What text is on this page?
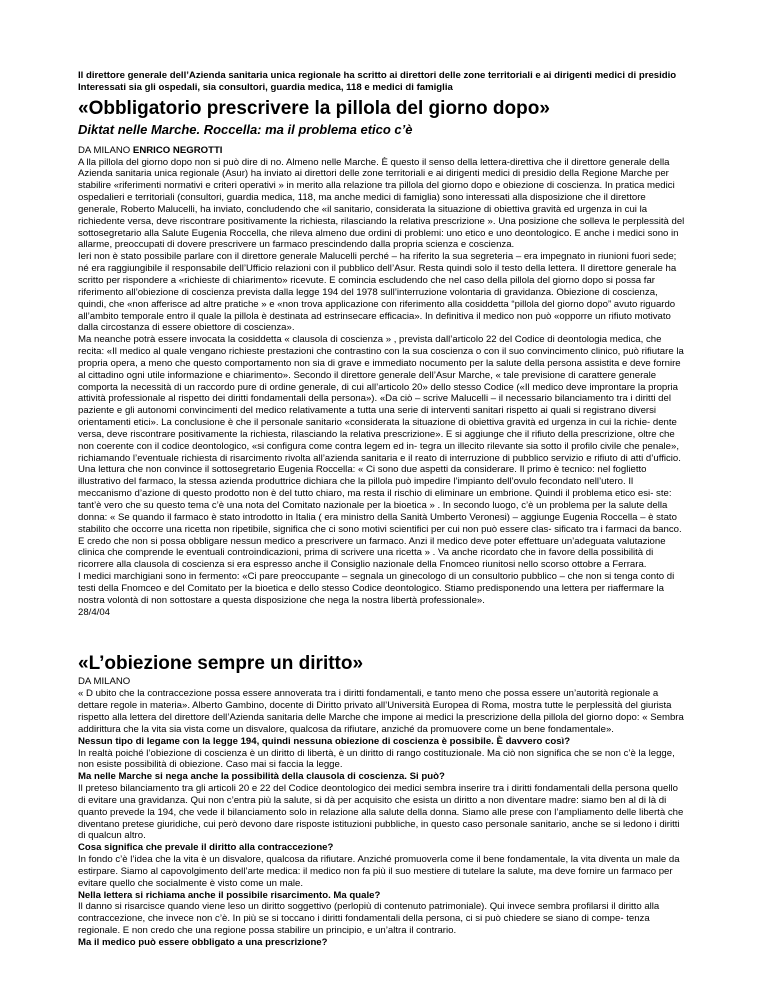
Il direttore generale dell’Azienda sanitaria unica regionale ha scritto ai direttori delle zone territoriali e ai dirigenti medici di presidio Interessati sia gli ospedali, sia consultori, guardia medica, 118 e medici di famiglia

«Obbligatorio prescrivere la pillola del giorno dopo»
Diktat nelle Marche. Roccella: ma il problema etico c’è

DA MILANO ENRICO NEGROTTI

A lla pillola del giorno dopo non si può dire di no. Almeno nelle Marche. È questo il senso della lettera-direttiva che il direttore generale della Azienda sanitaria unica regionale (Asur) ha inviato ai direttori delle zone territoriali e ai dirigenti medici di presidio della Regione Marche per stabilire «riferimenti normativi e criteri operativi » in merito alla relazione tra pillola del giorno dopo e obiezione di coscienza. In pratica medici ospedalieri e territoriali (consultori, guardia medica, 118, ma anche medici di famiglia) sono interessati alla disposizione che il direttore generale, Roberto Malucelli, ha inviato, concludendo che «il sanitario, considerata la situazione di obiettiva gravità ed urgenza in cui la richiedente versa, deve riscontrare positivamente la richiesta, rilasciando la relativa prescrizione ». Una posizione che solleva le perplessità del sottosegretario alla Salute Eugenia Roccella, che rileva almeno due ordini di problemi: uno etico e uno deontologico. E anche i medici sono in allarme, preoccupati di dovere prescrivere un farmaco prescindendo dalla propria scienza e coscienza.

Ieri non è stato possibile parlare con il direttore generale Malucelli perché – ha riferito la sua segreteria – era impegnato in riunioni fuori sede; né era raggiungibile il responsabile dell’Ufficio relazioni con il pubblico dell’Asur. Resta quindi solo il testo della lettera. Il direttore generale ha scritto per rispondere a «richieste di chiarimento» ricevute. E comincia escludendo che nel caso della pillola del giorno dopo si possa far riferimento all’obiezione di coscienza prevista dalla legge 194 del 1978 sull’interruzione volontaria di gravidanza. Obiezione di coscienza, quindi, che «non afferisce ad altre pratiche » e «non trova applicazione con riferimento alla cosiddetta “pillola del giorno dopo” avuto riguardo all’ambito temporale entro il quale la pillola è destinata ad estrinsecare efficacia». In definitiva il medico non può «opporre un rifiuto motivato dalla circostanza di essere obiettore di coscienza».

Ma neanche potrà essere invocata la cosiddetta « clausola di coscienza » , prevista dall’articolo 22 del Codice di deontologia medica, che recita: «Il medico al quale vengano richieste prestazioni che contrastino con la sua coscienza o con il suo convincimento clinico, può rifiutare la propria opera, a meno che questo comportamento non sia di grave e immediato nocumento per la salute della persona assistita e deve fornire al cittadino ogni utile informazione e chiarimento». Secondo il direttore generale dell’Asur Marche, « tale previsione di carattere generale comporta la necessità di un raccordo pure di ordine generale, di cui all’articolo 20» dello stesso Codice («Il medico deve improntare la propria attività professionale al rispetto dei diritti fondamentali della persona»). «Da ciò – scrive Malucelli – il necessario bilanciamento tra i diritti del paziente e gli autonomi convincimenti del medico relativamente a tutta una serie di interventi sanitari rispetto ai quali si registrano diversi orientamenti etici». La conclusione è che il personale sanitario «considerata la situazione di obiettiva gravità ed urgenza in cui la richie- dente versa, deve riscontrare positivamente la richiesta, rilasciando la relativa prescrizione». E si aggiunge che il rifiuto della prescrizione, oltre che non coerente con il codice deontologico, «si configura come contra legem ed in- tegra un illecito rilevante sia sotto il profilo civile che penale», richiamando l’eventuale richiesta di risarcimento rivolta all’azienda sanitaria e il reato di interruzione di pubblico servizio e rifiuto di atti d’ufficio.

Una lettura che non convince il sottosegretario Eugenia Roccella: « Ci sono due aspetti da considerare. Il primo è tecnico: nel foglietto illustrativo del farmaco, la stessa azienda produttrice dichiara che la pillola può impedire l’impianto dell’ovulo fecondato nell’utero. Il meccanismo d’azione di questo prodotto non è del tutto chiaro, ma resta il rischio di eliminare un embrione. Quindi il problema etico esi- ste: tant’è vero che su questo tema c’è una nota del Comitato nazionale per la bioetica » . In secondo luogo, c’è un problema per la salute della donna: « Se quando il farmaco è stato introdotto in Italia ( era ministro della Sanità Umberto Veronesi) – aggiunge Eugenia Roccella – è stato stabilito che occorre una ricetta non ripetibile, significa che ci sono motivi scientifici per cui non può essere clas- sificato tra i farmaci da banco. E credo che non si possa obbligare nessun medico a prescrivere un farmaco. Anzi il medico deve poter effettuare un’adeguata valutazione clinica che comprende le eventuali controindicazioni, prima di scrivere una ricetta » . Va anche ricordato che in favore della possibilità di ricorrere alla clausola di coscienza si era espresso anche il Consiglio nazionale della Fnomceo riunitosi nello scorso ottobre a Ferrara.

I medici marchigiani sono in fermento: «Ci pare preoccupante – segnala un ginecologo di un consultorio pubblico – che non si tenga conto di testi della Fnomceo e del Comitato per la bioetica e dello stesso Codice deontologico. Stiamo predisponendo una lettera per riaffermare la nostra volontà di non sottostare a questa disposizione che nega la nostra libertà professionale».

28/4/04

«L’obiezione sempre un diritto»

DA MILANO

« D ubito che la contraccezione possa essere annoverata tra i diritti fondamentali, e tanto meno che possa essere un’autorità regionale a dettare regole in materia». Alberto Gambino, docente di Diritto privato all’Università Europea di Roma, mostra tutte le perplessità del giurista rispetto alla lettera del direttore dell’Azienda sanitaria delle Marche che impone ai medici la prescrizione della pillola del giorno dopo: « Sembra addirittura che la vita sia vista come un disvalore, qualcosa da rifiutare, anziché da promuovere come un bene fondamentale».

Nessun tipo di legame con la legge 194, quindi nessuna obiezione di coscienza è possibile. È davvero così?

In realtà poiché l’obiezione di coscienza è un diritto di libertà, è un diritto di rango costituzionale. Ma ciò non significa che se non c’è la legge, non esiste possibilità di obiezione. Caso mai si faccia la legge.

Ma nelle Marche si nega anche la possibilità della clausola di coscienza. Si può?

Il preteso bilanciamento tra gli articoli 20 e 22 del Codice deontologico dei medici sembra inserire tra i diritti fondamentali della persona quello di evitare una gravidanza. Qui non c’entra più la salute, si dà per acquisito che esista un diritto a non diventare madre: siamo ben al di là di quanto prevede la 194, che vede il bilanciamento solo in relazione alla salute della donna. Siamo alle prese con l’ampliamento delle libertà che diventano pretese giuridiche, cui però devono dare risposte istituzioni pubbliche, in questo caso personale sanitario, anche se si ledono i diritti di qualcun altro.

Cosa significa che prevale il diritto alla contraccezione?

In fondo c’è l’idea che la vita è un disvalore, qualcosa da rifiutare. Anziché promuoverla come il bene fondamentale, la vita diventa un male da estirpare. Siamo al capovolgimento dell’arte medica: il medico non fa più il suo mestiere di tutelare la salute, ma deve fornire un farmaco per evitare quello che socialmente è visto come un male.

Nella lettera si richiama anche il possibile risarcimento. Ma quale?

Il danno si risarcisce quando viene leso un diritto soggettivo (perlopiù di contenuto patrimoniale). Qui invece sembra profilarsi il diritto alla contraccezione, che invece non c’è. In più se si toccano i diritti fondamentali della persona, ci si può chiedere se siano di compe- tenza regionale. E non credo che una regione possa stabilire un principio, e un’altra il contrario.

Ma il medico può essere obbligato a una prescrizione?
